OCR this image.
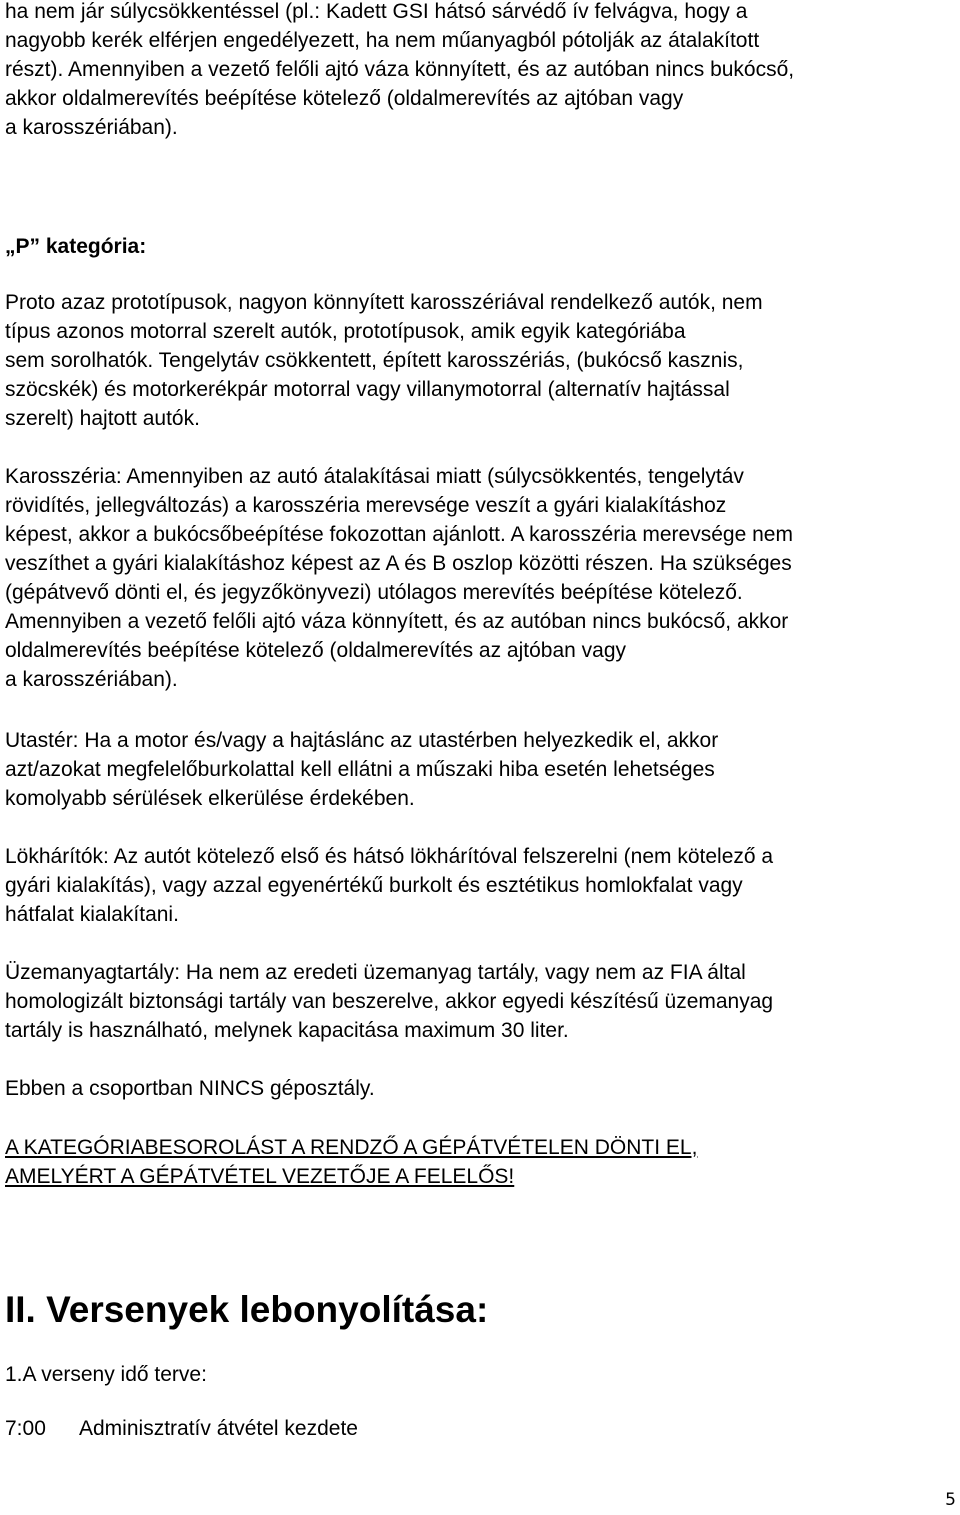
ha nem jár súlycsökkentéssel (pl.: Kadett GSI hátsó sárvédő ív felvágva, hogy a
nagyobb kerék elférjen engedélyezett, ha nem műanyagból pótolják az átalakított
részt). Amennyiben a vezető felőli ajtó váza könnyített, és az autóban nincs bukócső,
akkor oldalmerevítés beépítése kötelező (oldalmerevítés az ajtóban vagy
a karosszériában).
„P” kategória:
Proto azaz prototípusok, nagyon könnyített karosszériával rendelkező autók, nem
típus azonos motorral szerelt autók, prototípusok, amik egyik kategóriába
sem sorolhatók. Tengelytáv csökkentett, épített karosszériás, (bukócső kasznis,
szöcskék) és motorkerékpár motorral vagy villanymotorral (alternatív hajtással
szerelt) hajtott autók.
Karosszéria: Amennyiben az autó átalakításai miatt (súlycsökkentés, tengelytáv
rövidítés, jellegváltozás) a karosszéria merevsége veszít a gyári kialakításhoz
képest, akkor a bukócsőbeépítése fokozottan ajánlott. A karosszéria merevsége nem
veszíthet a gyári kialakításhoz képest az A és B oszlop közötti részen. Ha szükséges
(gépátvevő dönti el, és jegyzőkönyvezi) utólagos merevítés beépítése kötelező.
Amennyiben a vezető felőli ajtó váza könnyített, és az autóban nincs bukócső, akkor
oldalmerevítés beépítése kötelező (oldalmerevítés az ajtóban vagy
a karosszériában).
Utastér: Ha a motor és/vagy a hajtáslánc az utastérben helyezkedik el, akkor
azt/azokat megfelelőburkolattal kell ellátni a műszaki hiba esetén lehetséges
komolyabb sérülések elkerülése érdekében.
Lökhárítók: Az autót kötelező első és hátsó lökhárítóval felszerelni (nem kötelező a
gyári kialakítás), vagy azzal egyenértékű burkolt és esztétikus homlokfalat vagy
hátfalat kialakítani.
Üzemanyagtartály: Ha nem az eredeti üzemanyag tartály, vagy nem az FIA által
homologizált biztonsági tartály van beszerelve, akkor egyedi készítésű üzemanyag
tartály is használható, melynek kapacitása maximum 30 liter.
Ebben a csoportban NINCS géposztály.
A KATEGÓRIABESOROLÁST A RENDZŐ A GÉPÁTVÉTELEN DÖNTI EL,
AMELYÉRT A GÉPÁTVÉTEL VEZETŐJE A FELELŐS!
II. Versenyek lebonyolítása:
1.A verseny idő terve:
7:00 Adminisztratív átvétel kezdete
5
